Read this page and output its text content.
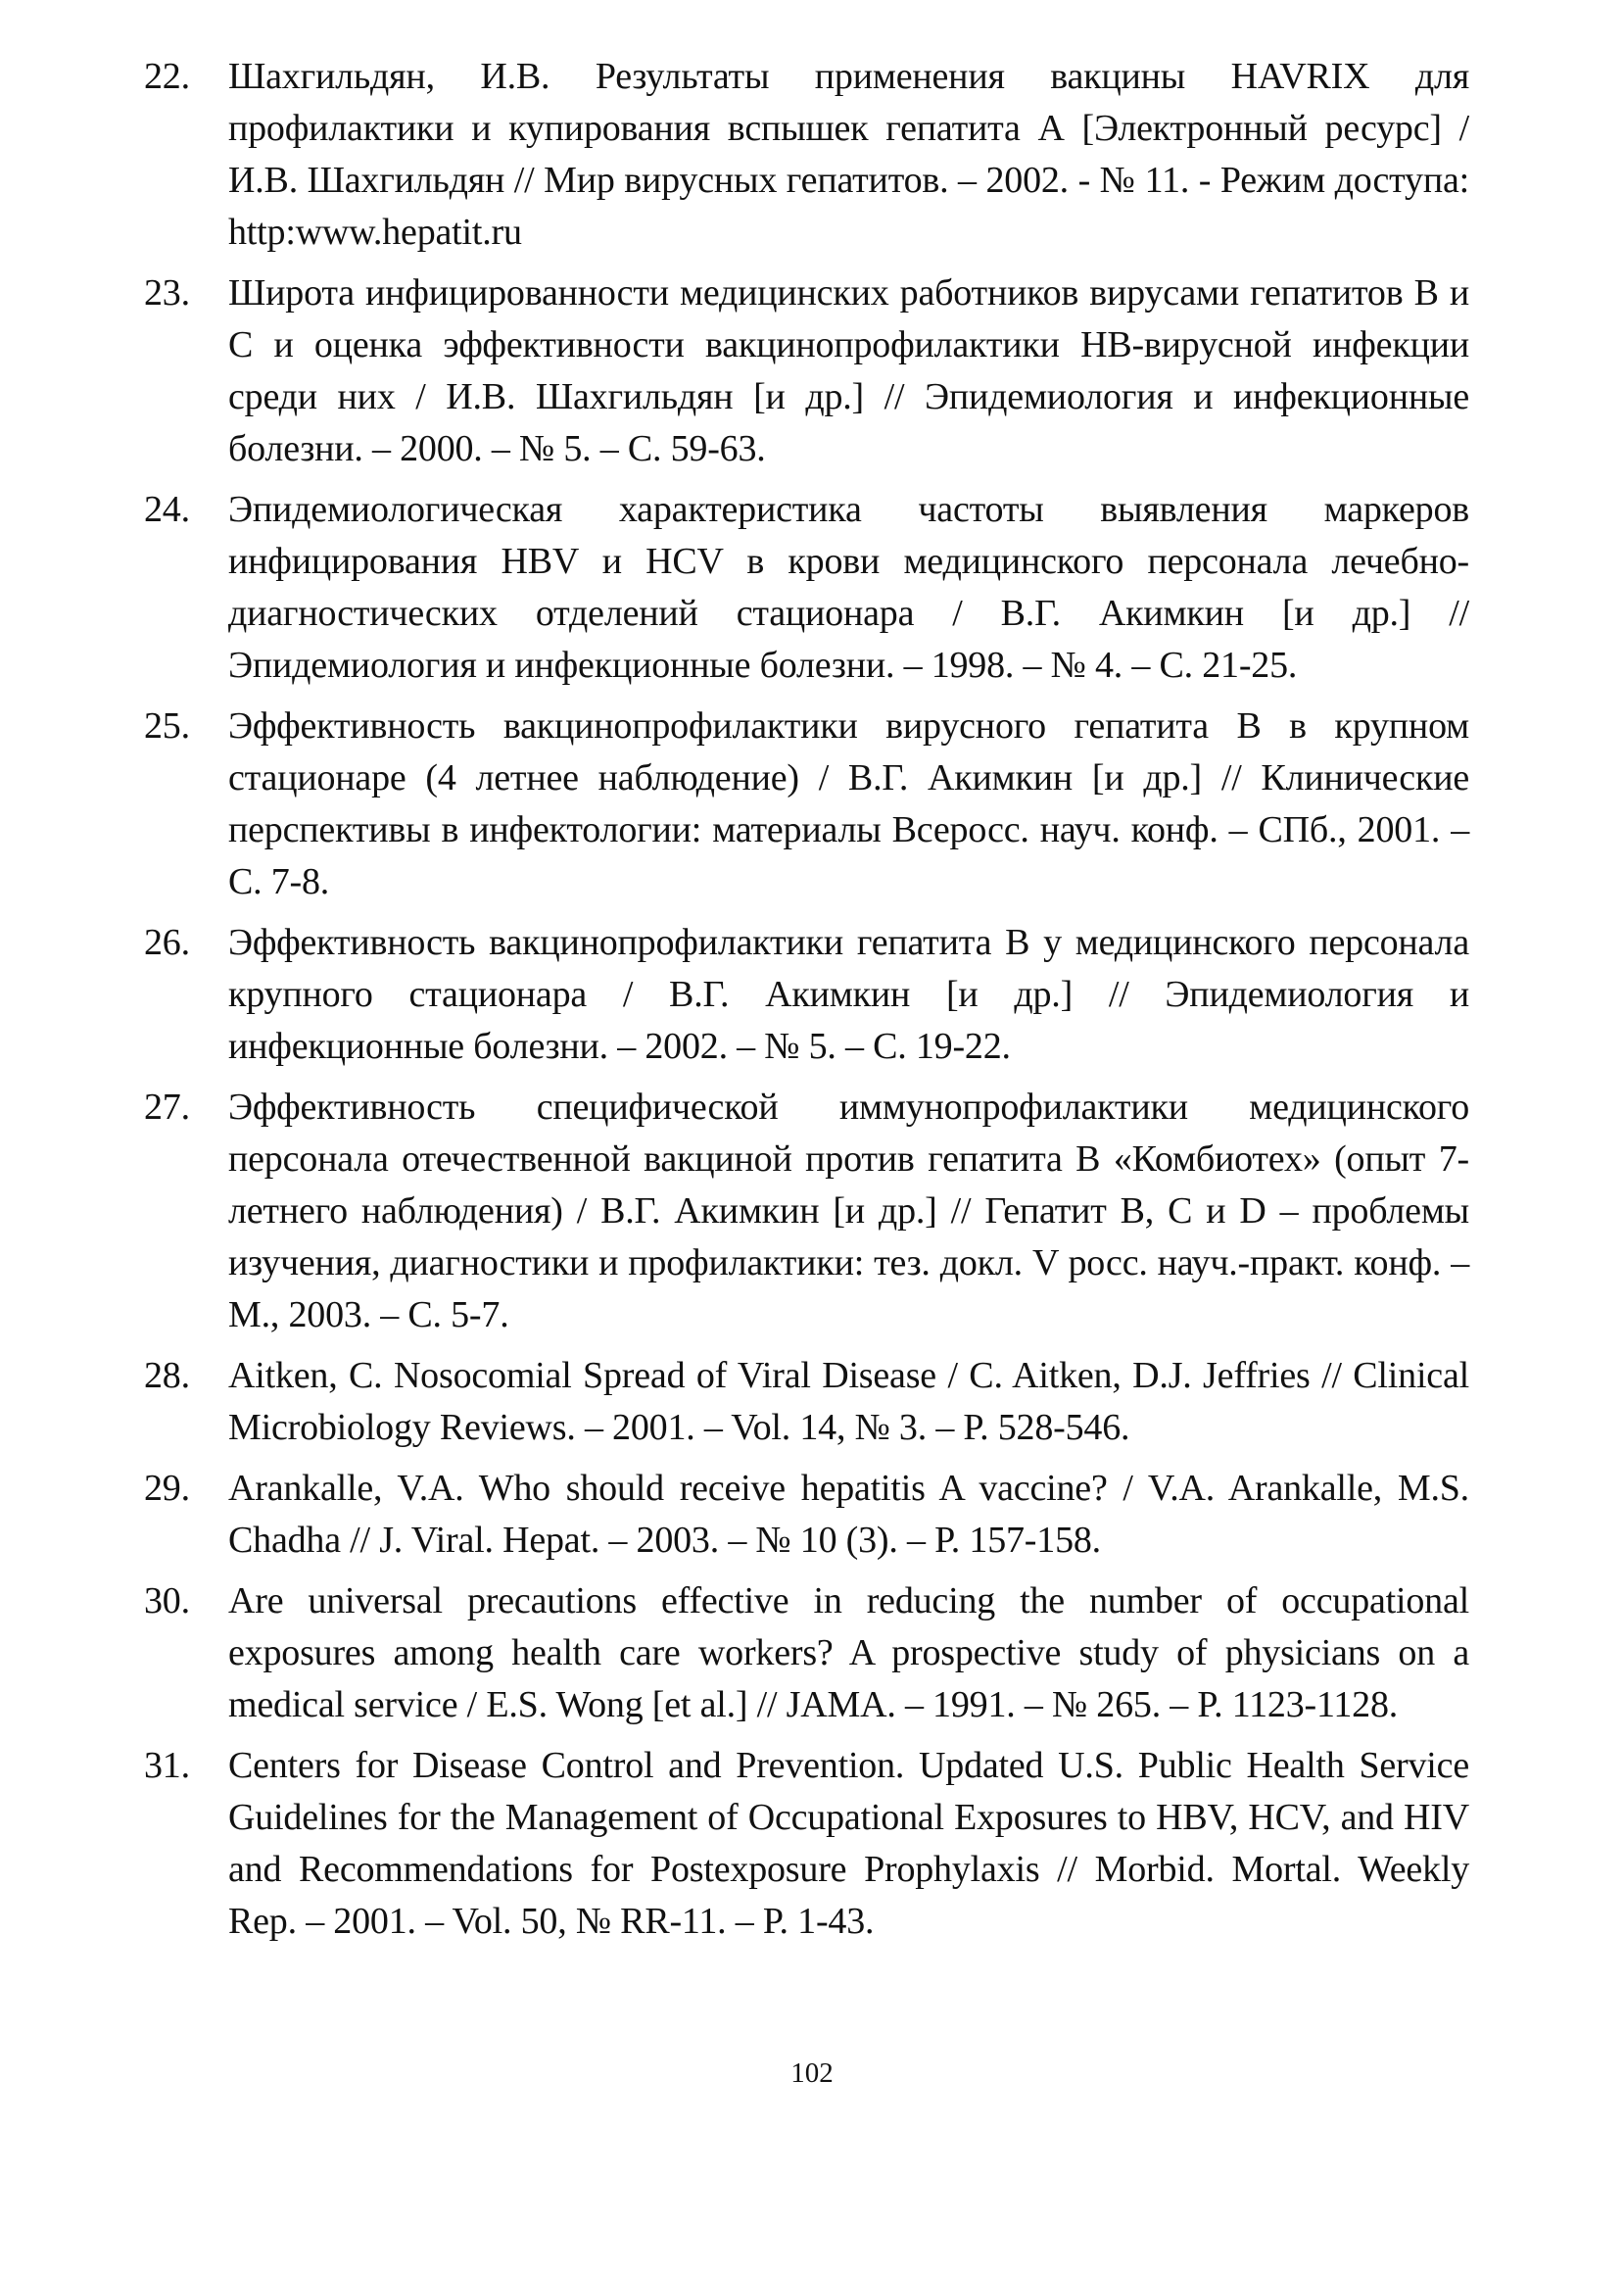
22.	Шахгильдян, И.В. Результаты применения вакцины HAVRIX для профилактики и купирования вспышек гепатита А [Электронный ресурс] / И.В. Шахгильдян // Мир вирусных гепатитов. – 2002. - № 11. - Режим доступа: http:www.hepatit.ru
23.	Широта инфицированности медицинских работников вирусами гепатитов В и С и оценка эффективности вакцинопрофилактики НВ-вирусной инфекции среди них / И.В. Шахгильдян [и др.] // Эпидемиология и инфекционные болезни. – 2000. – № 5. – С. 59-63.
24.	Эпидемиологическая характеристика частоты выявления маркеров инфицирования HBV и HCV в крови медицинского персонала лечебно-диагностических отделений стационара / В.Г. Акимкин [и др.] // Эпидемиология и инфекционные болезни. – 1998. – № 4. – С. 21-25.
25.	Эффективность вакцинопрофилактики вирусного гепатита В в крупном стационаре (4 летнее наблюдение) / В.Г. Акимкин [и др.] // Клинические перспективы в инфектологии: материалы Всеросс. науч. конф. – СПб., 2001. – С. 7-8.
26.	Эффективность вакцинопрофилактики гепатита В у медицинского персонала крупного стационара / В.Г. Акимкин [и др.] // Эпидемиология и инфекционные болезни. – 2002. – № 5. – С. 19-22.
27.	Эффективность специфической иммунопрофилактики медицинского персонала отечественной вакциной против гепатита В «Комбиотех» (опыт 7-летнего наблюдения) / В.Г. Акимкин [и др.] // Гепатит В, С и D – проблемы изучения, диагностики и профилактики: тез. докл. V росс. науч.-практ. конф. – М., 2003. – С. 5-7.
28.	Aitken, C. Nosocomial Spread of Viral Disease / C. Aitken, D.J. Jeffries // Clinical Microbiology Reviews. – 2001. – Vol. 14, № 3. – P. 528-546.
29.	Arankalle, V.A. Who should receive hepatitis A vaccine? / V.A. Arankalle, M.S. Chadha // J. Viral. Hepat. – 2003. – № 10 (3). – P. 157-158.
30.	Are universal precautions effective in reducing the number of occupational exposures among health care workers? A prospective study of physicians on a medical service / E.S. Wong [et al.] // JAMA. – 1991. – № 265. – P. 1123-1128.
31.	Centers for Disease Control and Prevention. Updated U.S. Public Health Service Guidelines for the Management of Occupational Exposures to HBV, HCV, and HIV and Recommendations for Postexposure Prophylaxis // Morbid. Mortal. Weekly Rep. – 2001. – Vol. 50, № RR-11. – P. 1-43.
102
